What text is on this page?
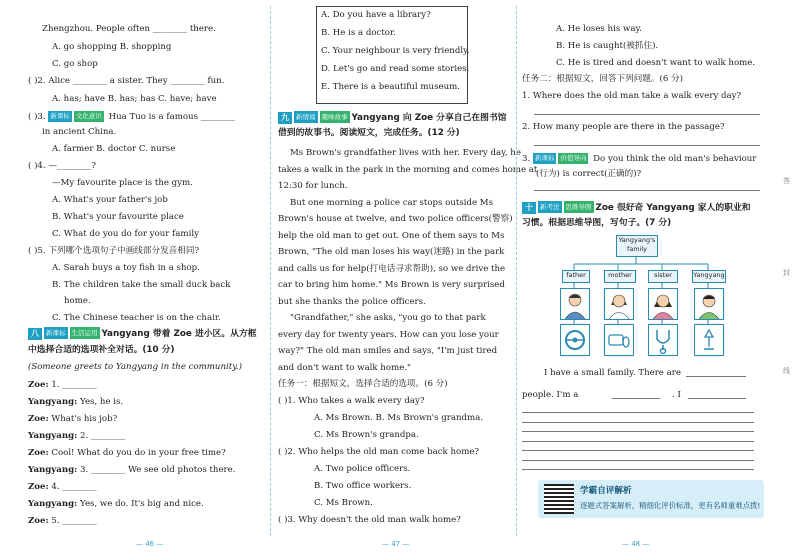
Zhengzhou. People often ________ there.
A. go shopping B. shopping
C. go shop
( )2. Alice ________ a sister. They ________ fun.
A. has; have B. has; has C. have; have
( )3. 新课标 文化意识 Hua Tuo is a famous ________
in ancient China.
A. farmer B. doctor C. nurse
( )4. —________?
—My favourite place is the gym.
A. What's your father's job
B. What's your favourite place
C. What do you do for your family
( )5. 下列哪个选项句子中画线部分发音相同?
A. Sarah buys a toy fish in a shop.
B. The children take the small duck back
home.
C. The Chinese teacher is on the chair.
八 新课标 生活运用 Yangyang 带着 Zoe 进小区。从方框
中选择合适的选项补全对话。(10 分)
(Someone greets to Yangyang in the community.)
Zoe: 1. ________
Yangyang: Yes, he is.
Zoe: What's his job?
Yangyang: 2. ________
Zoe: Cool! What do you do in your free time?
Yangyang: 3. ________ We see old photos there.
Zoe: 4. ________
Yangyang: Yes, we do. It's big and nice.
Zoe: 5. ________
— 46 —
A. Do you have a library?
B. He is a doctor.
C. Your neighbour is very friendly.
D. Let's go and read some stories.
E. There is a beautiful museum.
九 新情境 趣味故事 Yangyang 向 Zoe 分享自己在图书馆
借到的故事书。阅读短文，完成任务。(12 分)
Ms Brown's grandfather lives with her. Every day, he
takes a walk in the park in the morning and comes home at
12:30 for lunch.
But one morning a police car stops outside Ms
Brown's house at twelve, and two police officers(警察)
help the old man to get out. One of them says to Ms
Brown, "The old man loses his way(迷路) in the park
and calls us for help(打电话寻求帮助), so we drive the
car to bring him home." Ms Brown is very surprised
but she thanks the police officers.
"Grandfather," she asks, "you go to that park
every day for twenty years. How can you lose your
way?" The old man smiles and says, "I'm just tired
and don't want to walk home."
任务一：根据短文，选择合适的选项。(6 分)
( )1. Who takes a walk every day?
A. Ms Brown. B. Ms Brown's grandma.
C. Ms Brown's grandpa.
( )2. Who helps the old man come back home?
A. Two police officers.
B. Two office workers.
C. Ms Brown.
( )3. Why doesn't the old man walk home?
— 47 —
A. He loses his way.
B. He is caught(被抓住).
C. He is tired and doesn't want to walk home.
任务二：根据短文，回答下列问题。(6 分)
1. Where does the old man take a walk every day?
2. How many people are there in the passage?
3. 新课标 价值导向 Do you think the old man's behaviour
(行为) is correct(正确的)?
十 新考法 思维导图 Zoe 很好奇 Yangyang 家人的职业和
习惯。根据思维导图，写句子。(7 分)
Yangyang's family
father	mother	sister	Yangyang
I have a small family. There are
people. I'm a	. I
学霸自评解析
逐题式答案解析，精细化评价标准，更有名师重难点拨!
— 48 —
答
封
线
